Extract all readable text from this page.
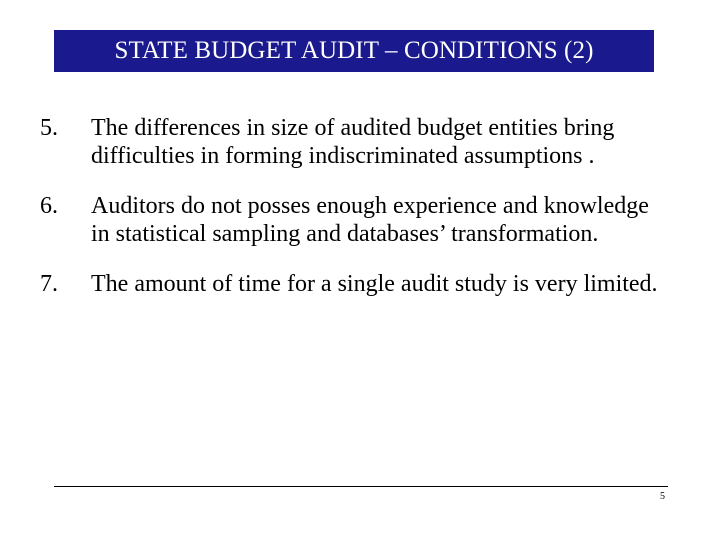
STATE BUDGET AUDIT – CONDITIONS (2)
5.	The differences in size of audited budget entities bring difficulties in forming indiscriminated assumptions .
6.	Auditors do not posses enough experience and knowledge in statistical sampling and databases’ transformation.
7.	The amount of time for a single audit study is very limited.
5
